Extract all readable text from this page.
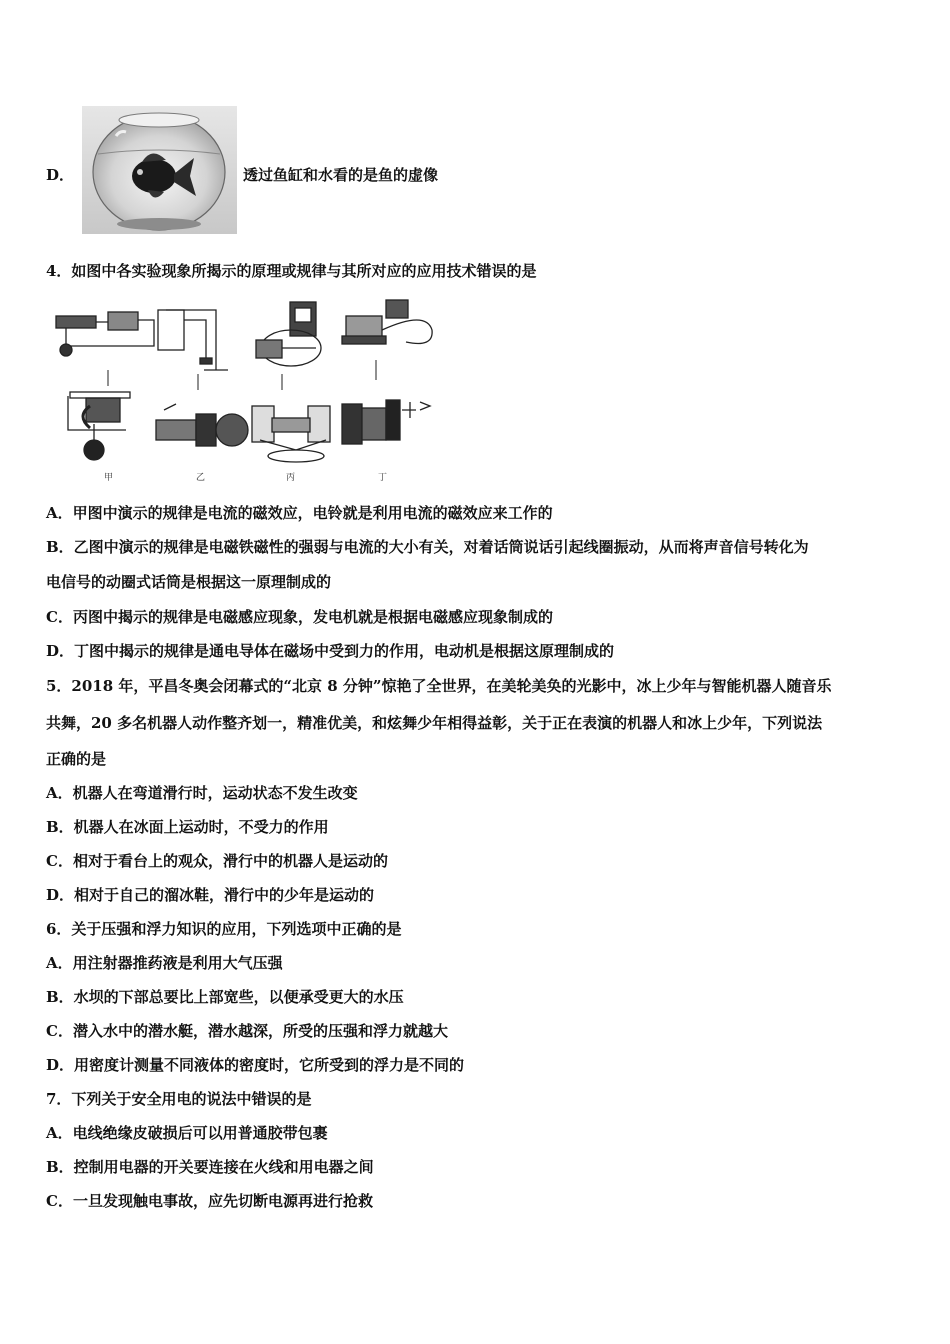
D．	透过鱼缸和水看的是鱼的虚像
4．如图中各实验现象所揭示的原理或规律与其所对应的应用技术错误的是
甲	乙	丙	丁
A．甲图中演示的规律是电流的磁效应，电铃就是利用电流的磁效应来工作的
B．乙图中演示的规律是电磁铁磁性的强弱与电流的大小有关，对着话筒说话引起线圈振动，从而将声音信号转化为
电信号的动圈式话筒是根据这一原理制成的
C．丙图中揭示的规律是电磁感应现象，发电机就是根据电磁感应现象制成的
D．丁图中揭示的规律是通电导体在磁场中受到力的作用，电动机是根据这原理制成的
5．2018 年，平昌冬奥会闭幕式的“北京 8 分钟”惊艳了全世界，在美轮美奂的光影中，冰上少年与智能机器人随音乐
共舞，20 多名机器人动作整齐划一，精准优美，和炫舞少年相得益彰，关于正在表演的机器人和冰上少年，下列说法
正确的是
A．机器人在弯道滑行时，运动状态不发生改变
B．机器人在冰面上运动时，不受力的作用
C．相对于看台上的观众，滑行中的机器人是运动的
D．相对于自己的溜冰鞋，滑行中的少年是运动的
6．关于压强和浮力知识的应用，下列选项中正确的是
A．用注射器推药液是利用大气压强
B．水坝的下部总要比上部宽些，以便承受更大的水压
C．潜入水中的潜水艇，潜水越深，所受的压强和浮力就越大
D．用密度计测量不同液体的密度时，它所受到的浮力是不同的
7．下列关于安全用电的说法中错误的是
A．电线绝缘皮破损后可以用普通胶带包裹
B．控制用电器的开关要连接在火线和用电器之间
C．一旦发现触电事故，应先切断电源再进行抢救
